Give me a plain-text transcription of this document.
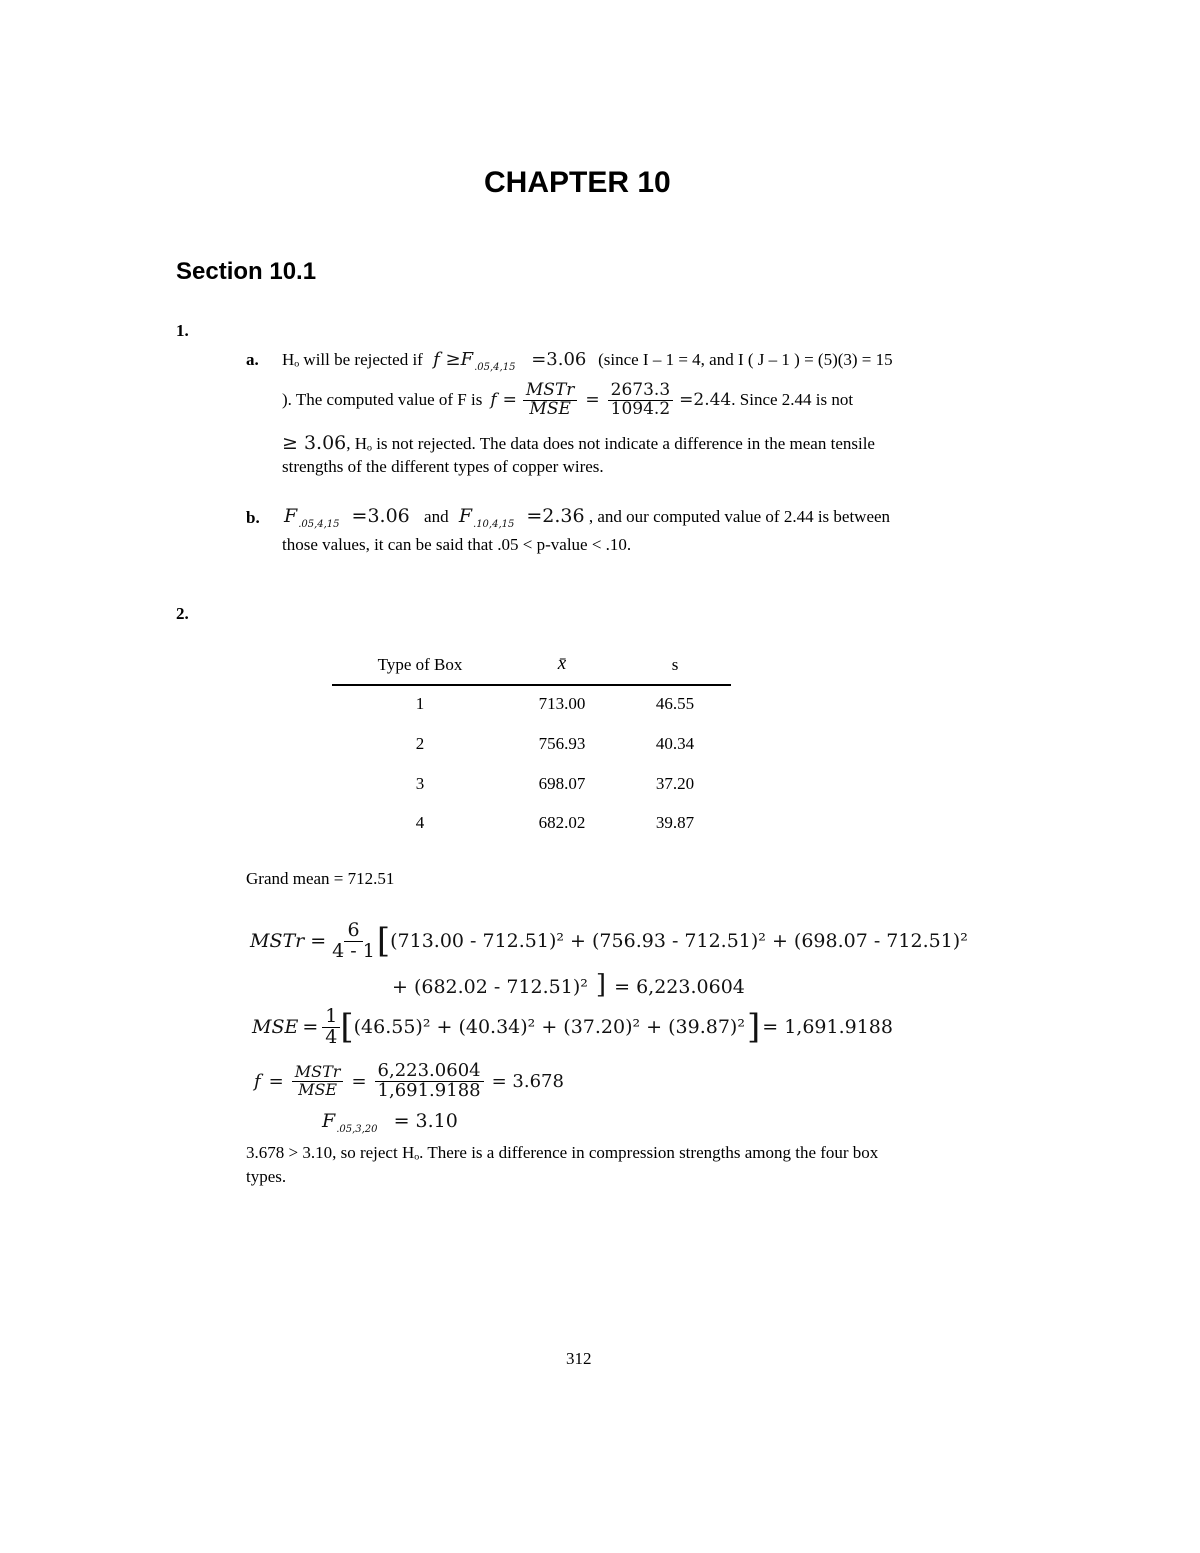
CHAPTER 10
Section 10.1
1.
a. Hₒ will be rejected if $f \ge F_{.05,4,15} =3.06$ (since I – 1 = 4, and I ( J – 1 ) = (5)(3) = 15
). The computed value of F is $f = \frac{\text{MSTr}}{\text{MSE}} = \frac{2673.3}{1094.2} =2.44$ . Since 2.44 is not
≥ 3.06, Hₒ is not rejected. The data does not indicate a difference in the mean tensile
strengths of the different types of copper wires.
b. $F_{.05,4,15} =3.06$ and $F_{.10,4,15} =2.36$ , and our computed value of 2.44 is between
those values, it can be said that .05 < p-value < .10.
2.
Type of Box	x̄	s
1	713.00	46.55
2	756.93	40.34
3	698.07	37.20
4	682.02	39.87
Grand mean = 712.51
MSTr = $\frac{6}{4 - 1}$ [ (713.00 - 712.51)² + (756.93 - 712.51)² + (698.07 - 712.51)²
+ (682.02 - 712.51)² ] = 6,223.0604
MSE = $\frac{1}{4}$ [ (46.55)² + (40.34)² + (37.20)² + (39.87)² ] = 1,691.9188
$f = \frac{\text{MSTr}}{\text{MSE}} = \frac{6,223.0604}{1,691.9188} = 3.678$
$F_{.05,3,20} = 3.10$
3.678 > 3.10, so reject Hₒ. There is a difference in compression strengths among the four box
types.
312
